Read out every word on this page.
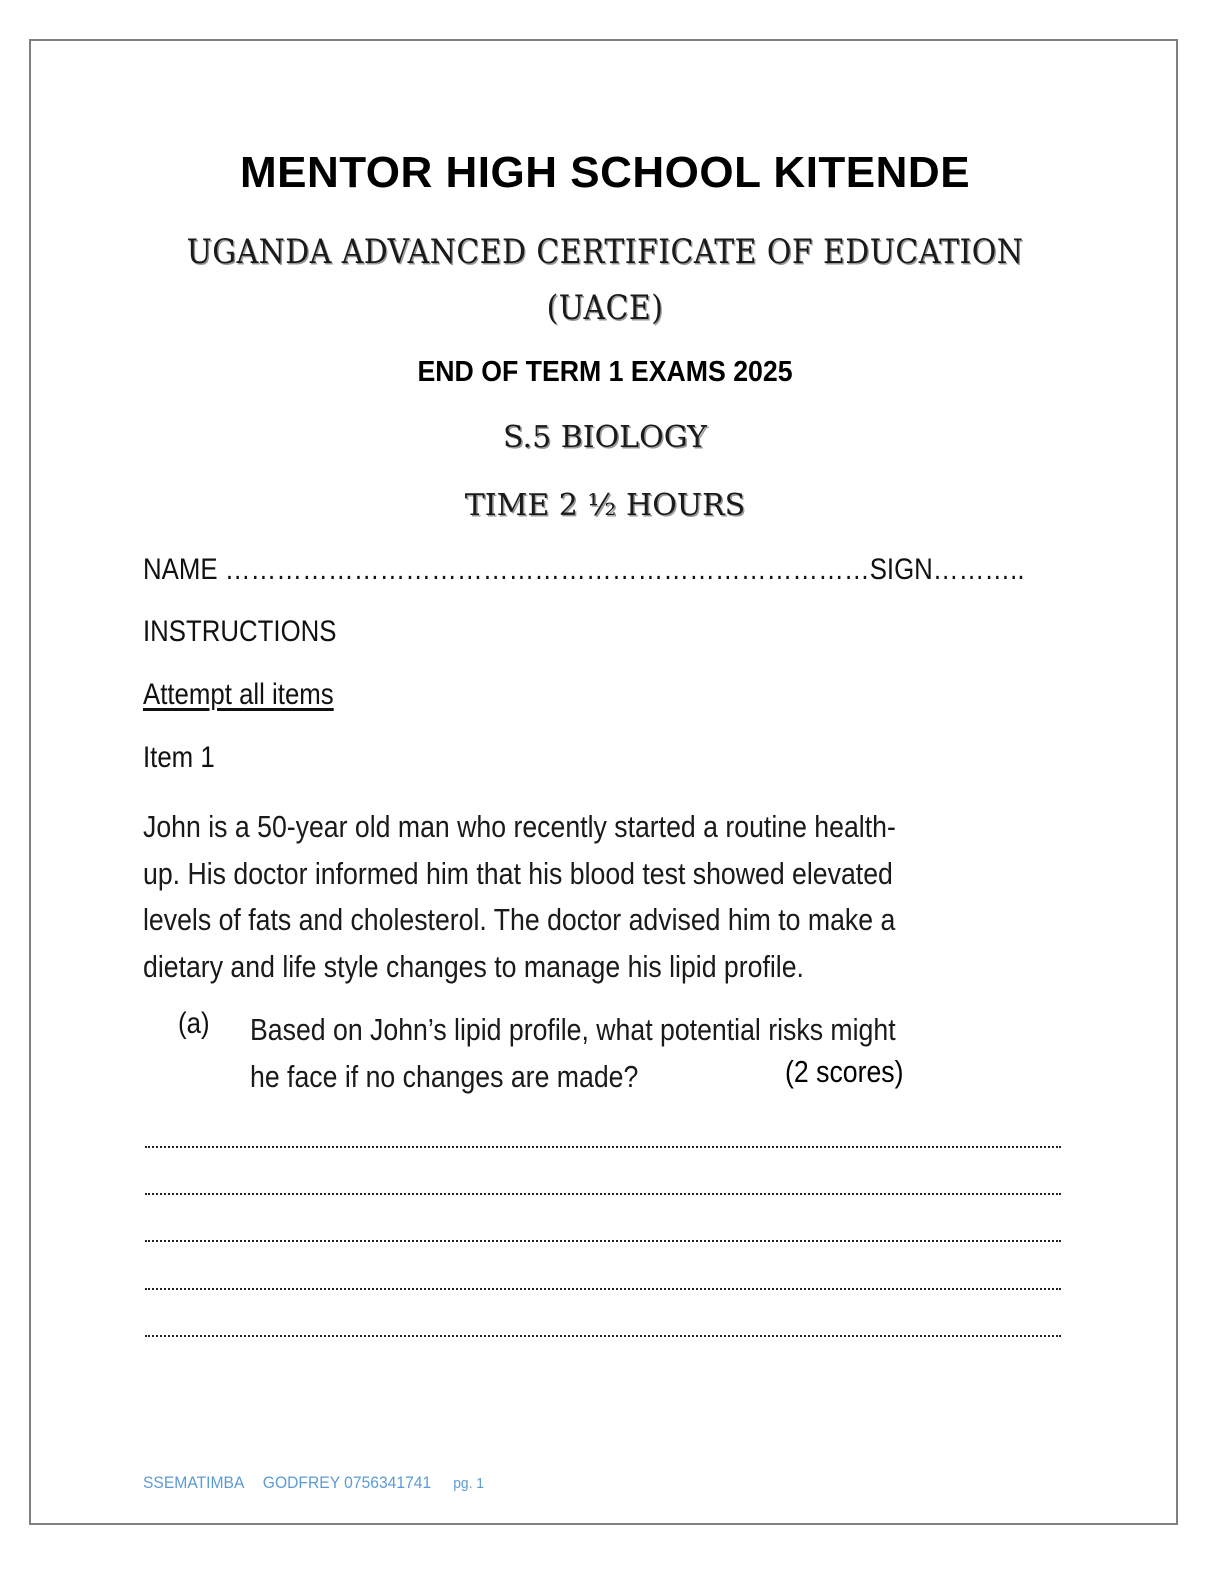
MENTOR HIGH SCHOOL KITENDE
UGANDA ADVANCED CERTIFICATE OF EDUCATION
(UACE)
END OF TERM 1 EXAMS 2025
S.5 BIOLOGY
TIME 2 ½ HOURS
NAME …………………………………………………………………SIGN………..
INSTRUCTIONS
Attempt all items
Item 1
John is a 50-year old man who recently started a routine health-
up. His doctor informed him that his blood test showed elevated
levels of fats and cholesterol. The doctor advised him to make a
dietary and life style changes to manage his lipid profile.
(a) Based on John’s lipid profile, what potential risks might
he face if no changes are made?	(2 scores)
SSEMATIMBA GODFREY 0756341741 pg. 1
